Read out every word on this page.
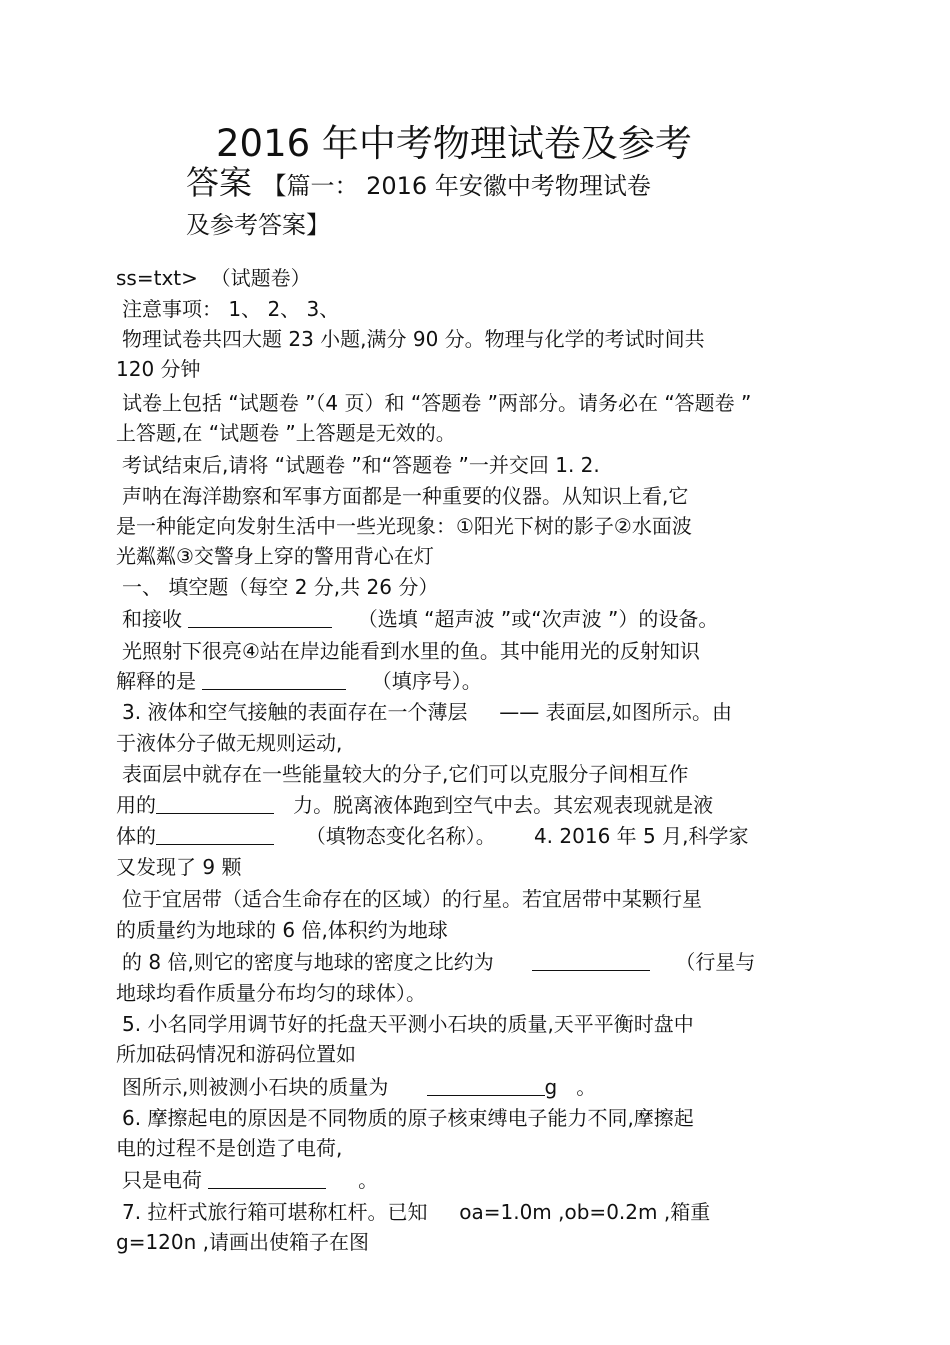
2016 年中考物理试卷及参考
答案 【篇一： 2016 年安徽中考物理试卷
及参考答案】
ss=txt> （试题卷）
注意事项： 1、 2、 3、
物理试卷共四大题 23 小题,满分 90 分。物理与化学的考试时间共
120 分钟
试卷上包括 “试题卷 ”（4 页）和 “答题卷 ”两部分。请务必在 “答题卷 ”
上答题,在 “试题卷 ”上答题是无效的。
考试结束后,请将 “试题卷 ”和“答题卷 ”一并交回 1. 2.
声呐在海洋勘察和军事方面都是一种重要的仪器。从知识上看,它
是一种能定向发射生活中一些光现象：①阳光下树的影子②水面波
光粼粼③交警身上穿的警用背心在灯
一、 填空题（每空 2 分,共 26 分）
和接收	（选填 “超声波 ”或“次声波 ”）的设备。
光照射下很亮④站在岸边能看到水里的鱼。其中能用光的反射知识
解释的是	（填序号）。
3. 液体和空气接触的表面存在一个薄层 —— 表面层,如图所示。由
于液体分子做无规则运动,
表面层中就存在一些能量较大的分子,它们可以克服分子间相互作
用的	力。脱离液体跑到空气中去。其宏观表现就是液
体的	（填物态变化名称）。 4. 2016 年 5 月,科学家
又发现了 9 颗
位于宜居带（适合生命存在的区域）的行星。若宜居带中某颗行星
的质量约为地球的 6 倍,体积约为地球
的 8 倍,则它的密度与地球的密度之比约为	（行星与
地球均看作质量分布均匀的球体）。
5. 小名同学用调节好的托盘天平测小石块的质量,天平平衡时盘中
所加砝码情况和游码位置如
图所示,则被测小石块的质量为	g 。
6. 摩擦起电的原因是不同物质的原子核束缚电子能力不同,摩擦起
电的过程不是创造了电荷,
只是电荷	。
7. 拉杆式旅行箱可堪称杠杆。已知 oa=1.0m ,ob=0.2m ,箱重
g=120n ,请画出使箱子在图
